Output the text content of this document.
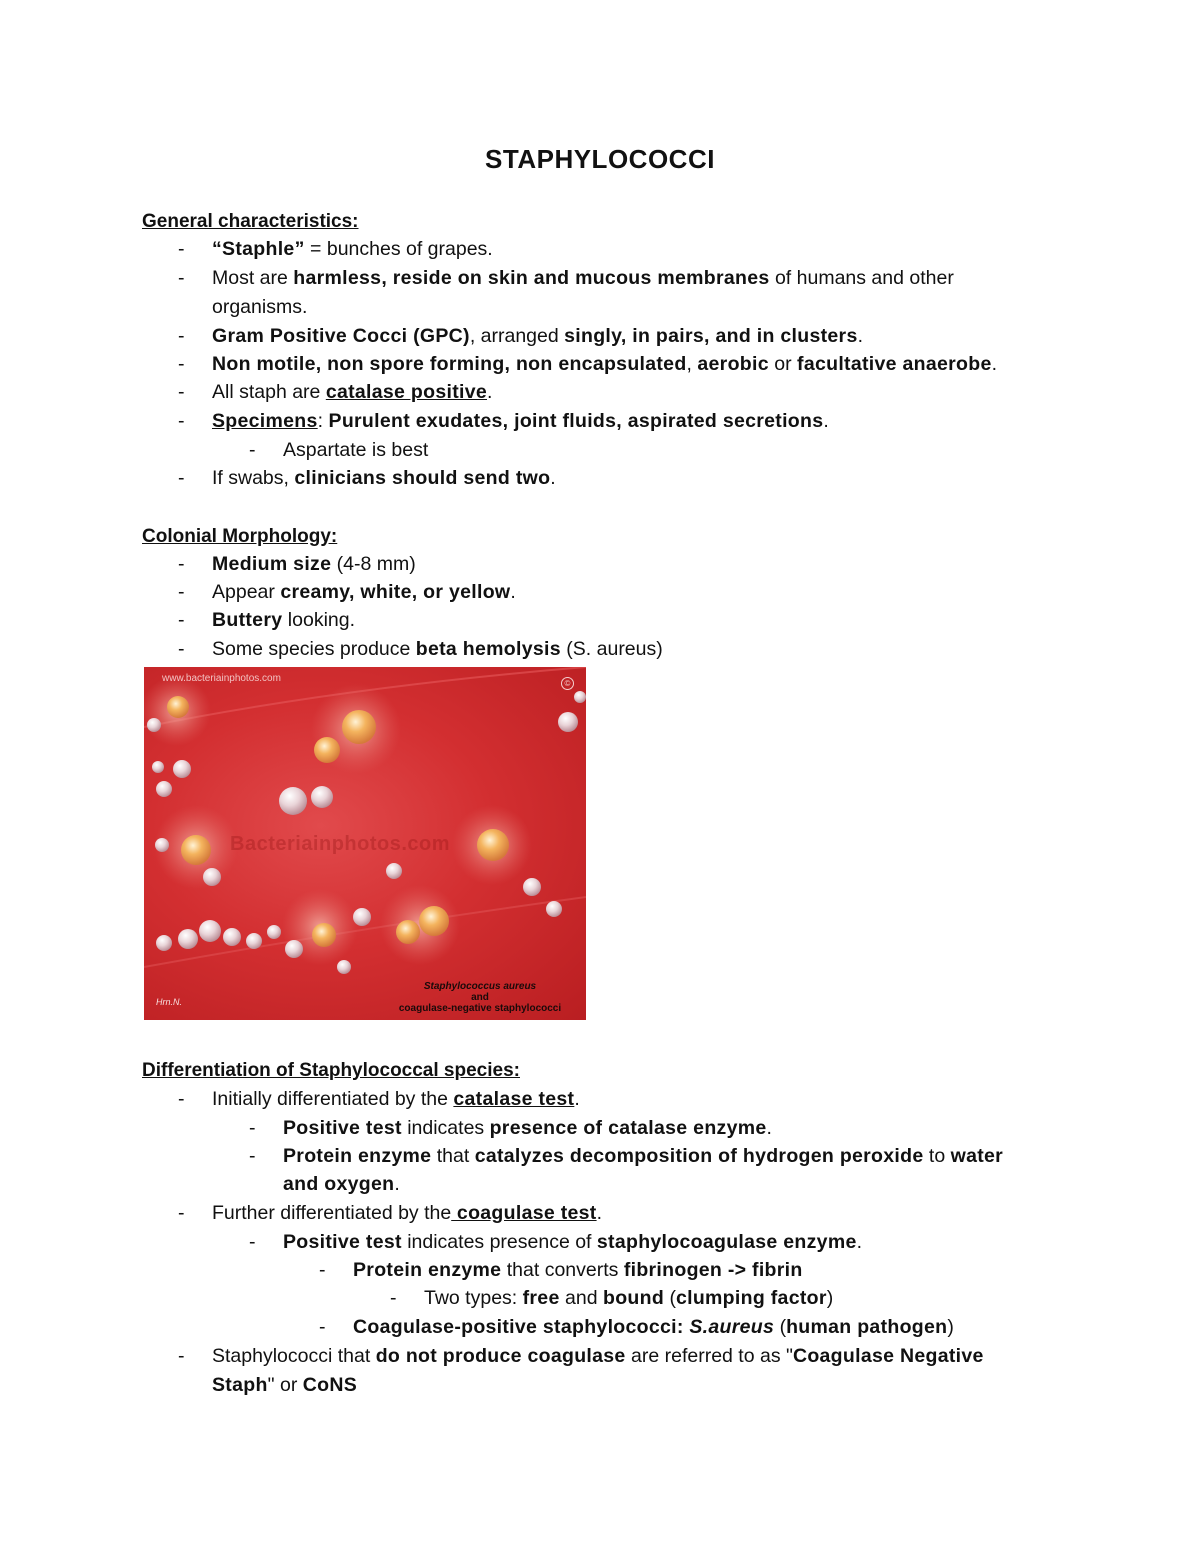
STAPHYLOCOCCI
General characteristics:
- “Staphle” = bunches of grapes.
- Most are harmless, reside on skin and mucous membranes of humans and other
organisms.
- Gram Positive Cocci (GPC), arranged singly, in pairs, and in clusters.
- Non motile, non spore forming, non encapsulated, aerobic or facultative anaerobe.
- All staph are catalase positive.
- Specimens: Purulent exudates, joint fluids, aspirated secretions.
- Aspartate is best
- If swabs, clinicians should send two.
Colonial Morphology:
- Medium size (4-8 mm)
- Appear creamy, white, or yellow.
- Buttery looking.
- Some species produce beta hemolysis (S. aureus)
www.bacteriainphotos.com	©
Bacteriainphotos.com
Staphylococcus aureus
and
coagulase-negative staphylococci
Hrn.N.
Differentiation of Staphylococcal species:
- Initially differentiated by the catalase test.
- Positive test indicates presence of catalase enzyme.
- Protein enzyme that catalyzes decomposition of hydrogen peroxide to water
and oxygen.
- Further differentiated by the coagulase test.
- Positive test indicates presence of staphylocoagulase enzyme.
- Protein enzyme that converts fibrinogen -> fibrin
- Two types: free and bound (clumping factor)
- Coagulase-positive staphylococci: S.aureus (human pathogen)
- Staphylococci that do not produce coagulase are referred to as "Coagulase Negative
Staph" or CoNS
